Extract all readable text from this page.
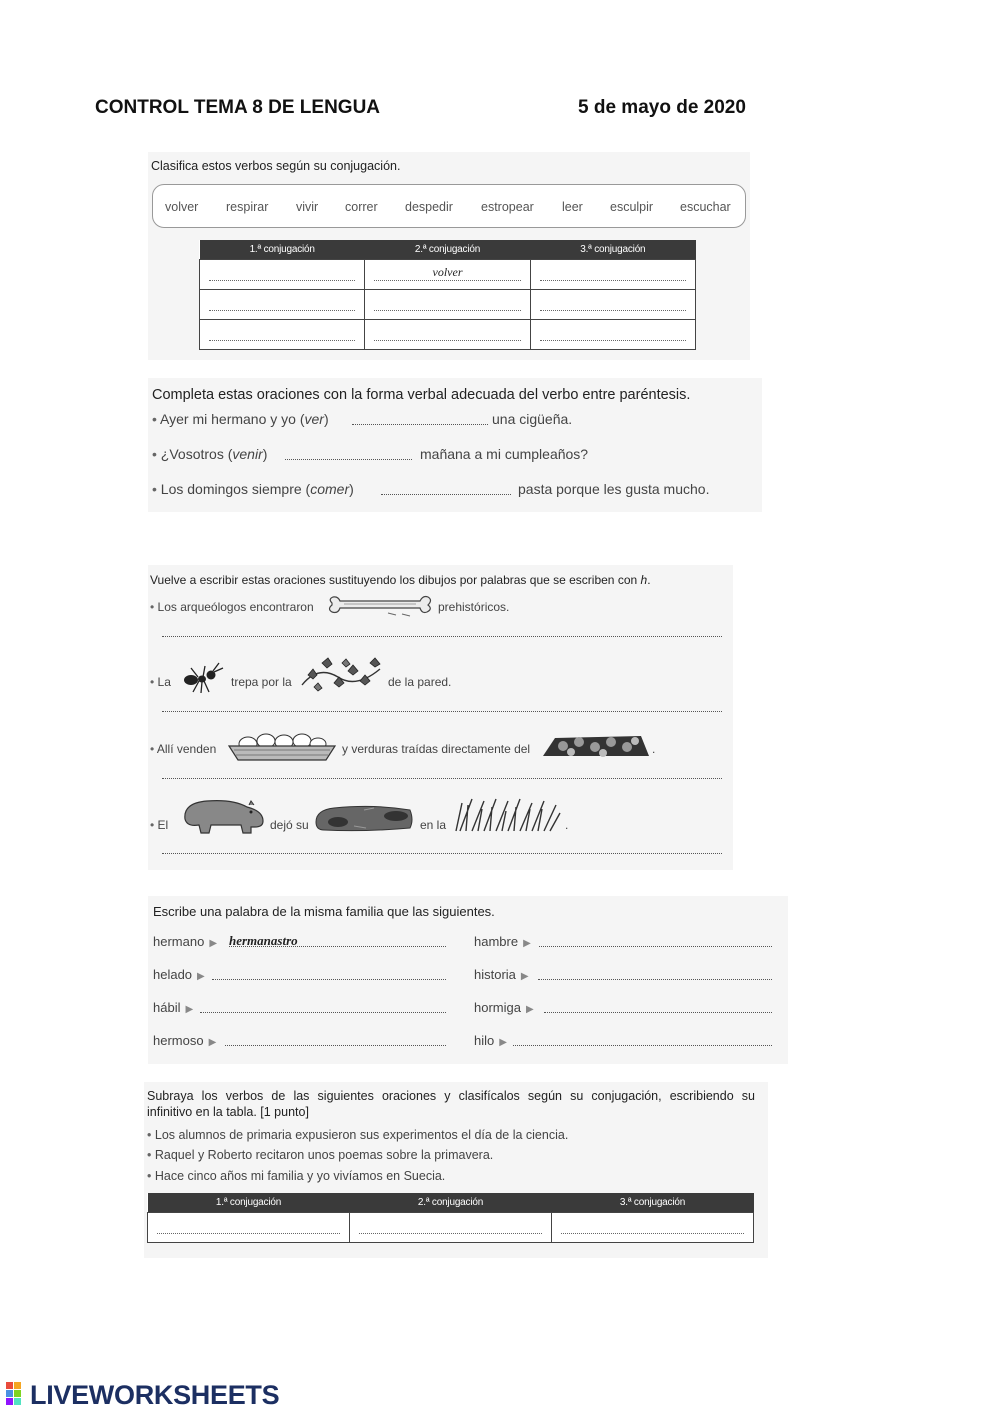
CONTROL TEMA 8 DE LENGUA	5 de mayo de 2020
Clasifica estos verbos según su conjugación.
volver respirar vivir correr despedir estropear leer esculpir escuchar
1.ª conjugación	2.ª conjugación	3.ª conjugación

	volver	

Completa estas oraciones con la forma verbal adecuada del verbo entre paréntesis.
• Ayer mi hermano y yo (ver)	una cigüeña.
• ¿Vosotros (venir)	mañana a mi cumpleaños?
• Los domingos siempre (comer)	pasta porque les gusta mucho.
Vuelve a escribir estas oraciones sustituyendo los dibujos por palabras que se escriben con h.
• Los arqueólogos encontraron	prehistóricos.
• La	trepa por la	de la pared.
• Allí venden	y verduras traídas directamente del	.
• El	dejó su	en la	.
Escribe una palabra de la misma familia que las siguientes.
hermano ▶ hermanastro
helado ▶
hábil ▶
hermoso ▶
hambre ▶
historia ▶
hormiga ▶
hilo ▶
Subraya los verbos de las siguientes oraciones y clasifícalos según su conjugación, escribiendo su
infinitivo en la tabla. [1 punto]
• Los alumnos de primaria expusieron sus experimentos el día de la ciencia.
• Raquel y Roberto recitaron unos poemas sobre la primavera.
• Hace cinco años mi familia y yo vivíamos en Suecia.
1.ª conjugación	2.ª conjugación	3.ª conjugación

LIVEWORKSHEETS
